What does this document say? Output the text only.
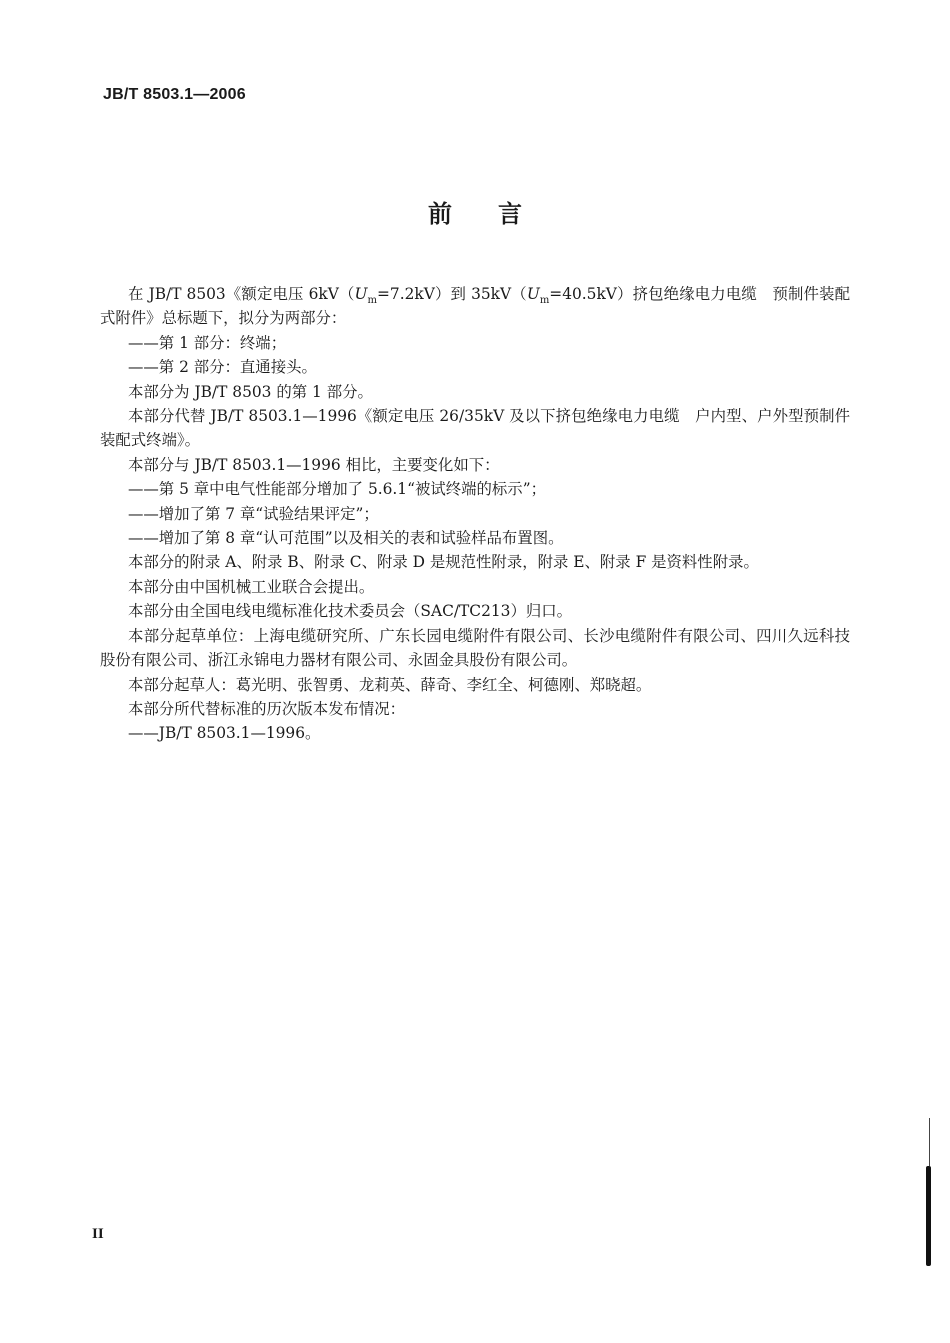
JB/T 8503.1—2006
前言

在 JB/T 8503《额定电压 $6kV(U_m=7.2kV)$到 $35kV(U_m=40.5kV)$挤包绝缘电力电缆　预制件装配式附件》总标题下，拟分为两部分：

——第 1 部分：终端；

——第 2 部分：直通接头。

本部分为 JB/T 8503 的第 1 部分。

本部分代替 JB/T 8503.1—1996《额定电压 26/35kV 及以下挤包绝缘电力电缆　户内型、户外型预制件装配式终端》。

本部分与 JB/T 8503.1—1996 相比，主要变化如下：

——第 5 章中电气性能部分增加了 5.6.1“被试终端的标示”；

——增加了第 7 章“试验结果评定”；

——增加了第 8 章“认可范围”以及相关的表和试验样品布置图。

本部分的附录 A、附录 B、附录 C、附录 D 是规范性附录，附录 E、附录 F 是资料性附录。

本部分由中国机械工业联合会提出。

本部分由全国电线电缆标准化技术委员会（SAC/TC213）归口。

本部分起草单位：上海电缆研究所、广东长园电缆附件有限公司、长沙电缆附件有限公司、四川久远科技股份有限公司、浙江永锦电力器材有限公司、永固金具股份有限公司。

本部分起草人：葛光明、张智勇、龙莉英、薛奇、李红全、柯德刚、郑晓超。

本部分所代替标准的历次版本发布情况：

——JB/T 8503.1—1996。

II
